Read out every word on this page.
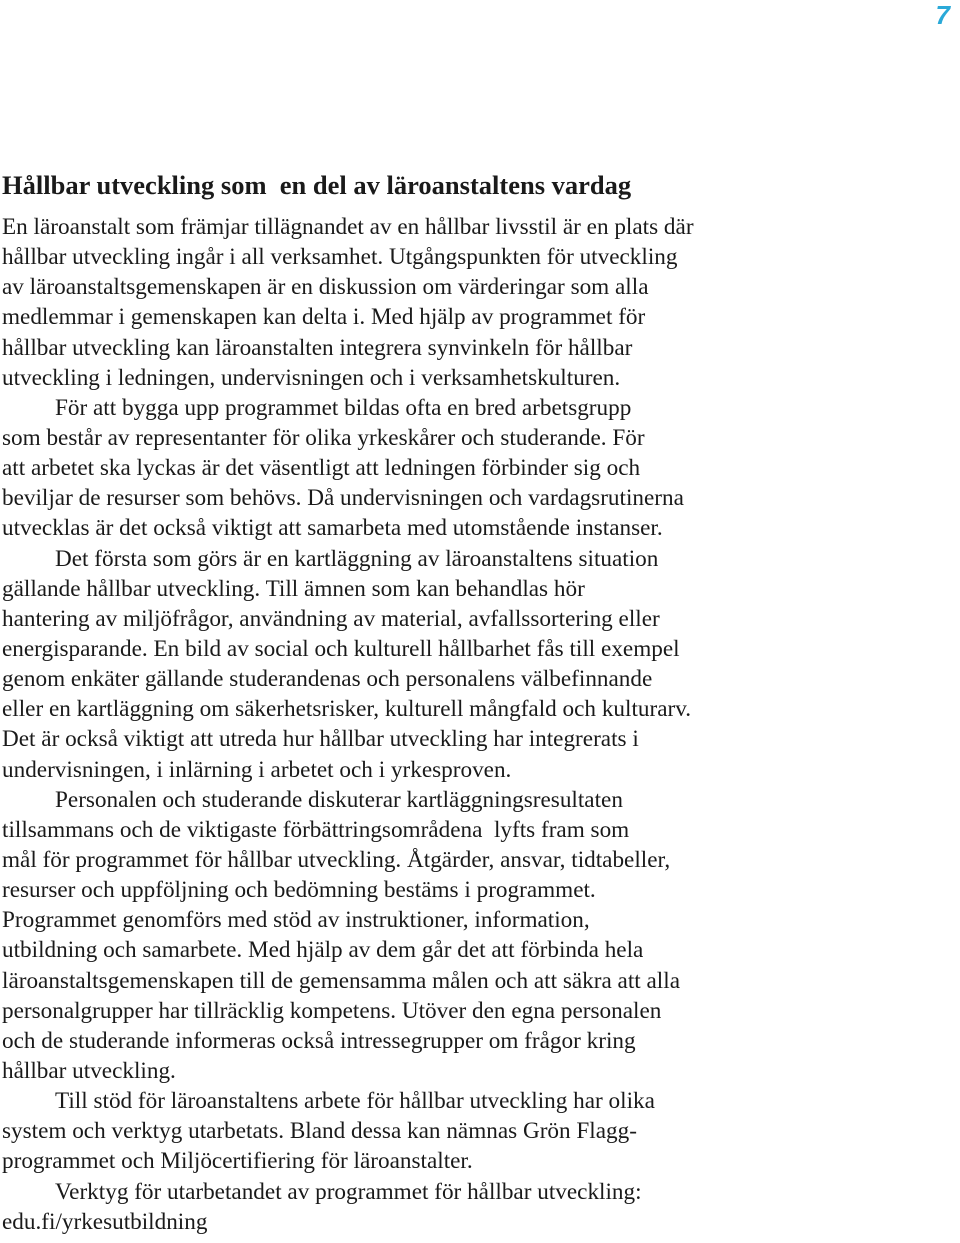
7
Hållbar utveckling som  en del av läroanstaltens vardag
En läroanstalt som främjar tillägnandet av en hållbar livsstil är en plats där
hållbar utveckling ingår i all verksamhet. Utgångspunkten för utveckling
av läroanstaltsgemenskapen är en diskussion om värderingar som alla
medlemmar i gemenskapen kan delta i. Med hjälp av programmet för
hållbar utveckling kan läroanstalten integrera synvinkeln för hållbar
utveckling i ledningen, undervisningen och i verksamhetskulturen.
För att bygga upp programmet bildas ofta en bred arbetsgrupp
som består av representanter för olika yrkeskårer och studerande. För
att arbetet ska lyckas är det väsentligt att ledningen förbinder sig och
beviljar de resurser som behövs. Då undervisningen och vardagsrutinerna
utvecklas är det också viktigt att samarbeta med utomstående instanser.
Det första som görs är en kartläggning av läroanstaltens situation
gällande hållbar utveckling. Till ämnen som kan behandlas hör
hantering av miljöfrågor, användning av material, avfallssortering eller
energisparande. En bild av social och kulturell hållbarhet fås till exempel
genom enkäter gällande studerandenas och personalens välbefinnande
eller en kartläggning om säkerhetsrisker, kulturell mångfald och kulturarv.
Det är också viktigt att utreda hur hållbar utveckling har integrerats i
undervisningen, i inlärning i arbetet och i yrkesproven.
Personalen och studerande diskuterar kartläggningsresultaten
tillsammans och de viktigaste förbättringsområdena  lyfts fram som
mål för programmet för hållbar utveckling. Åtgärder, ansvar, tidtabeller,
resurser och uppföljning och bedömning bestäms i programmet.
Programmet genomförs med stöd av instruktioner, information,
utbildning och samarbete. Med hjälp av dem går det att förbinda hela
läroanstaltsgemenskapen till de gemensamma målen och att säkra att alla
personalgrupper har tillräcklig kompetens. Utöver den egna personalen
och de studerande informeras också intressegrupper om frågor kring
hållbar utveckling.
Till stöd för läroanstaltens arbete för hållbar utveckling har olika
system och verktyg utarbetats. Bland dessa kan nämnas Grön Flagg-
programmet och Miljöcertifiering för läroanstalter.
Verktyg för utarbetandet av programmet för hållbar utveckling:
edu.fi/yrkesutbildning
